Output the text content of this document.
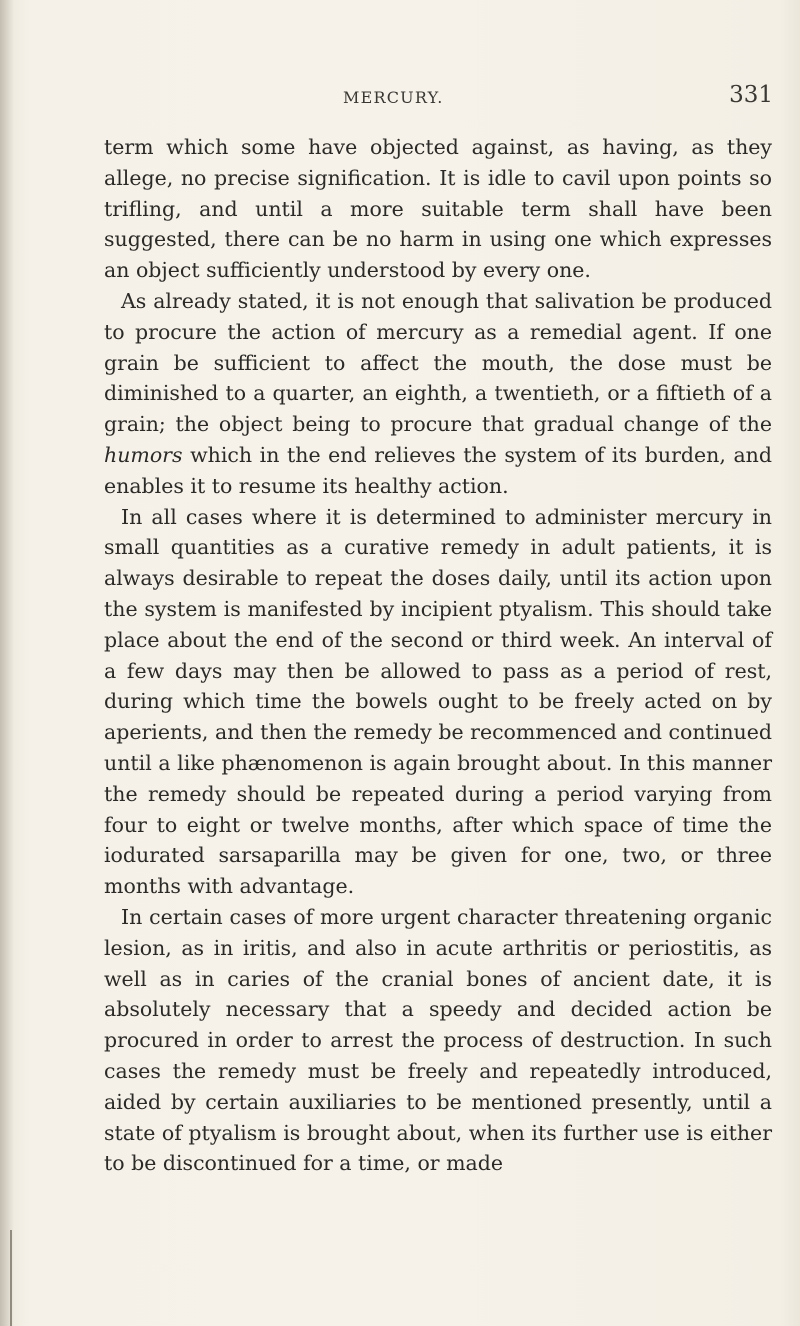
MERCURY.	331

term which some have objected against, as having, as they allege, no precise signification. It is idle to cavil upon points so trifling, and until a more suitable term shall have been suggested, there can be no harm in using one which expresses an object sufficiently understood by every one.

As already stated, it is not enough that salivation be produced to procure the action of mercury as a remedial agent. If one grain be sufficient to affect the mouth, the dose must be diminished to a quarter, an eighth, a twentieth, or a fiftieth of a grain; the object being to procure that gradual change of the humors which in the end relieves the system of its burden, and enables it to resume its healthy action.

In all cases where it is determined to administer mercury in small quantities as a curative remedy in adult patients, it is always desirable to repeat the doses daily, until its action upon the system is manifested by incipient ptyalism. This should take place about the end of the second or third week. An interval of a few days may then be allowed to pass as a period of rest, during which time the bowels ought to be freely acted on by aperients, and then the remedy be recommenced and continued until a like phænomenon is again brought about. In this manner the remedy should be repeated during a period varying from four to eight or twelve months, after which space of time the iodurated sarsaparilla may be given for one, two, or three months with advantage.

In certain cases of more urgent character threatening organic lesion, as in iritis, and also in acute arthritis or periostitis, as well as in caries of the cranial bones of ancient date, it is absolutely necessary that a speedy and decided action be procured in order to arrest the process of destruction. In such cases the remedy must be freely and repeatedly introduced, aided by certain auxiliaries to be mentioned presently, until a state of ptyalism is brought about, when its further use is either to be discontinued for a time, or made
